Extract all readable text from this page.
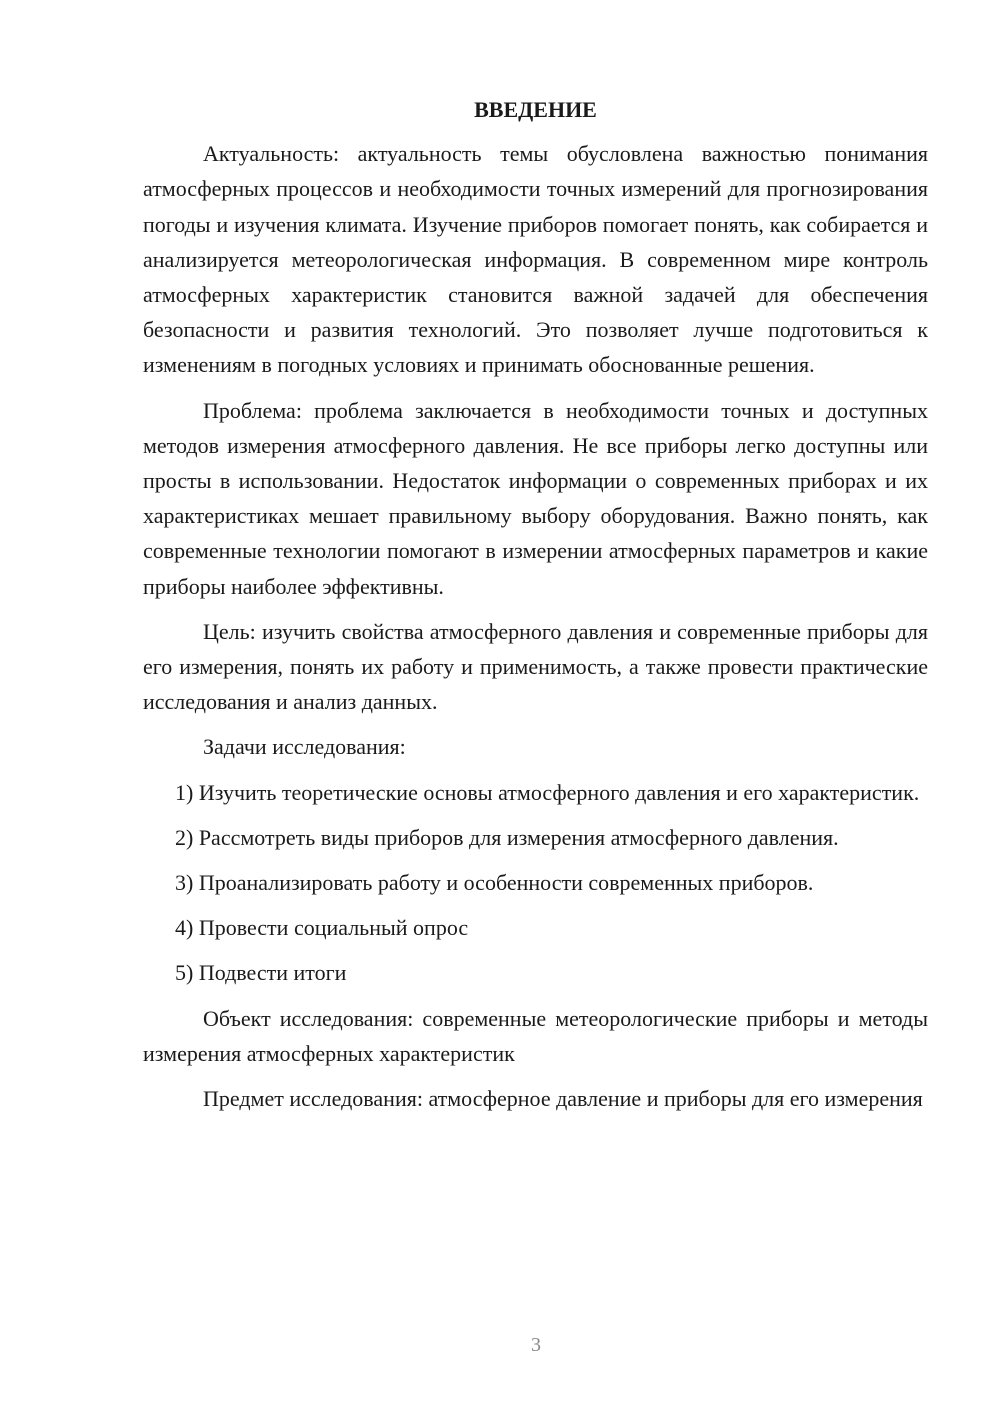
ВВЕДЕНИЕ

Актуальность: актуальность темы обусловлена важностью понимания атмосферных процессов и необходимости точных измерений для прогнозирования погоды и изучения климата. Изучение приборов помогает понять, как собирается и анализируется метеорологическая информация. В современном мире контроль атмосферных характеристик становится важной задачей для обеспечения безопасности и развития технологий. Это позволяет лучше подготовиться к изменениям в погодных условиях и принимать обоснованные решения.

Проблема: проблема заключается в необходимости точных и доступных методов измерения атмосферного давления. Не все приборы легко доступны или просты в использовании. Недостаток информации о современных приборах и их характеристиках мешает правильному выбору оборудования. Важно понять, как современные технологии помогают в измерении атмосферных параметров и какие приборы наиболее эффективны.

Цель: изучить свойства атмосферного давления и современные приборы для его измерения, понять их работу и применимость, а также провести практические исследования и анализ данных.

Задачи исследования:

1) Изучить теоретические основы атмосферного давления и его характеристик.

2) Рассмотреть виды приборов для измерения атмосферного давления.

3) Проанализировать работу и особенности современных приборов.

4) Провести социальный опрос

5) Подвести итоги

Объект исследования: современные метеорологические приборы и методы измерения атмосферных характеристик

Предмет исследования: атмосферное давление и приборы для его измерения

3
